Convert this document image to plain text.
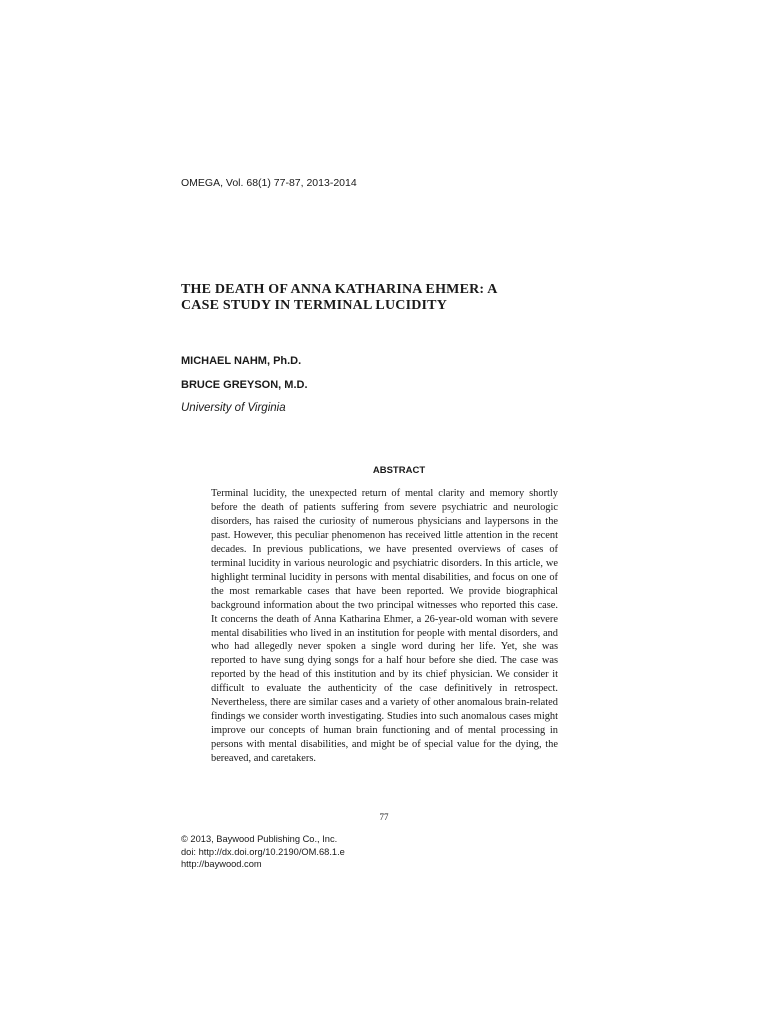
OMEGA, Vol. 68(1) 77-87, 2013-2014
THE DEATH OF ANNA KATHARINA EHMER: A
CASE STUDY IN TERMINAL LUCIDITY
MICHAEL NAHM, Ph.D.
BRUCE GREYSON, M.D.
University of Virginia
ABSTRACT
Terminal lucidity, the unexpected return of mental clarity and memory shortly before the death of patients suffering from severe psychiatric and neurologic disorders, has raised the curiosity of numerous physicians and laypersons in the past. However, this peculiar phenomenon has received little attention in the recent decades. In previous publications, we have presented overviews of cases of terminal lucidity in various neurologic and psychiatric disorders. In this article, we highlight terminal lucidity in persons with mental disabilities, and focus on one of the most remarkable cases that have been reported. We provide biographical background information about the two principal witnesses who reported this case. It concerns the death of Anna Katharina Ehmer, a 26-year-old woman with severe mental disabilities who lived in an institution for people with mental disorders, and who had allegedly never spoken a single word during her life. Yet, she was reported to have sung dying songs for a half hour before she died. The case was reported by the head of this institution and by its chief physician. We consider it difficult to evaluate the authenticity of the case definitively in retrospect. Nevertheless, there are similar cases and a variety of other anomalous brain-related findings we consider worth investigating. Studies into such anomalous cases might improve our concepts of human brain functioning and of mental processing in persons with mental disabilities, and might be of special value for the dying, the bereaved, and caretakers.
77
© 2013, Baywood Publishing Co., Inc.
doi: http://dx.doi.org/10.2190/OM.68.1.e
http://baywood.com
